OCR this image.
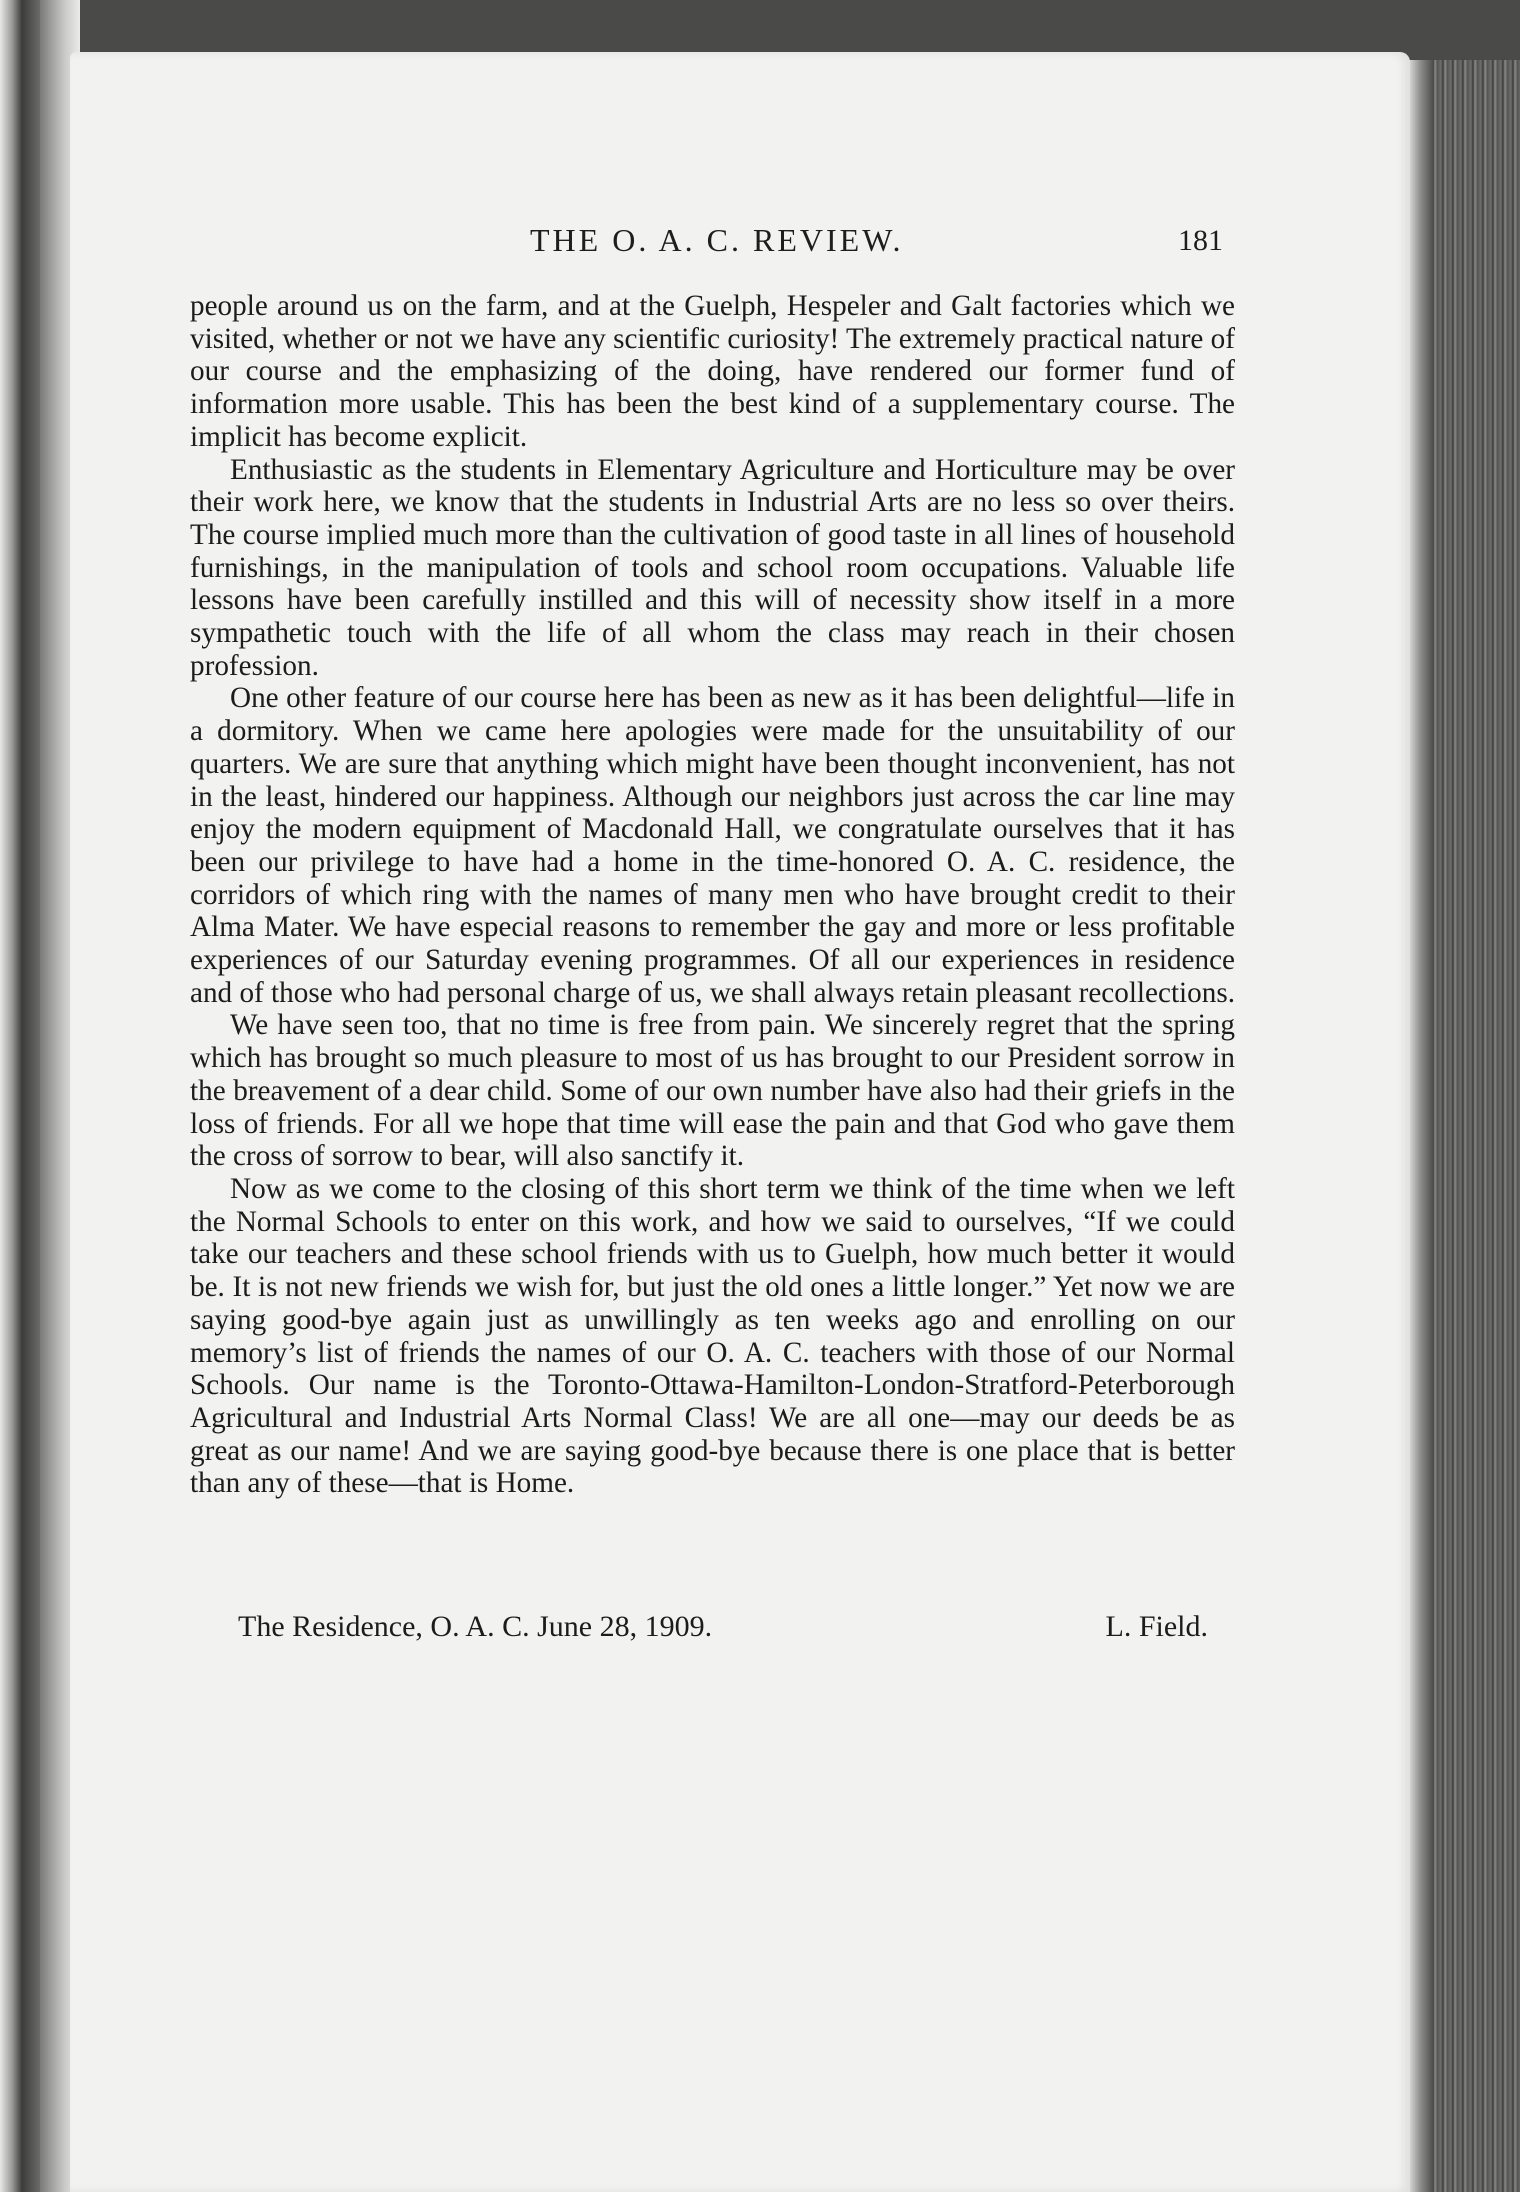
THE O. A. C. REVIEW.	181

people around us on the farm, and at the Guelph, Hespeler and Galt factories which we visited, whether or not we have any scientific curiosity! The extremely practical nature of our course and the emphasizing of the doing, have rendered our former fund of information more usable. This has been the best kind of a supplementary course. The implicit has become explicit.

Enthusiastic as the students in Elementary Agriculture and Horticulture may be over their work here, we know that the students in Industrial Arts are no less so over theirs. The course implied much more than the cultivation of good taste in all lines of household furnishings, in the manipulation of tools and school room occupations. Valuable life lessons have been carefully instilled and this will of necessity show itself in a more sympathetic touch with the life of all whom the class may reach in their chosen profession.

One other feature of our course here has been as new as it has been delightful—life in a dormitory. When we came here apologies were made for the unsuitability of our quarters. We are sure that anything which might have been thought inconvenient, has not in the least, hindered our happiness. Although our neighbors just across the car line may enjoy the modern equipment of Macdonald Hall, we congratulate ourselves that it has been our privilege to have had a home in the time-honored O. A. C. residence, the corridors of which ring with the names of many men who have brought credit to their Alma Mater. We have especial reasons to remember the gay and more or less profitable experiences of our Saturday evening programmes. Of all our experiences in residence and of those who had personal charge of us, we shall always retain pleasant recollections.

We have seen too, that no time is free from pain. We sincerely regret that the spring which has brought so much pleasure to most of us has brought to our President sorrow in the breavement of a dear child. Some of our own number have also had their griefs in the loss of friends. For all we hope that time will ease the pain and that God who gave them the cross of sorrow to bear, will also sanctify it.

Now as we come to the closing of this short term we think of the time when we left the Normal Schools to enter on this work, and how we said to ourselves, “If we could take our teachers and these school friends with us to Guelph, how much better it would be. It is not new friends we wish for, but just the old ones a little longer.” Yet now we are saying good-bye again just as unwillingly as ten weeks ago and enrolling on our memory’s list of friends the names of our O. A. C. teachers with those of our Normal Schools. Our name is the Toronto-Ottawa-Hamilton-London-Stratford-Peterborough Agricultural and Industrial Arts Normal Class! We are all one—may our deeds be as great as our name! And we are saying good-bye because there is one place that is better than any of these—that is Home.

The Residence, O. A. C. June 28, 1909.	L. Field.
